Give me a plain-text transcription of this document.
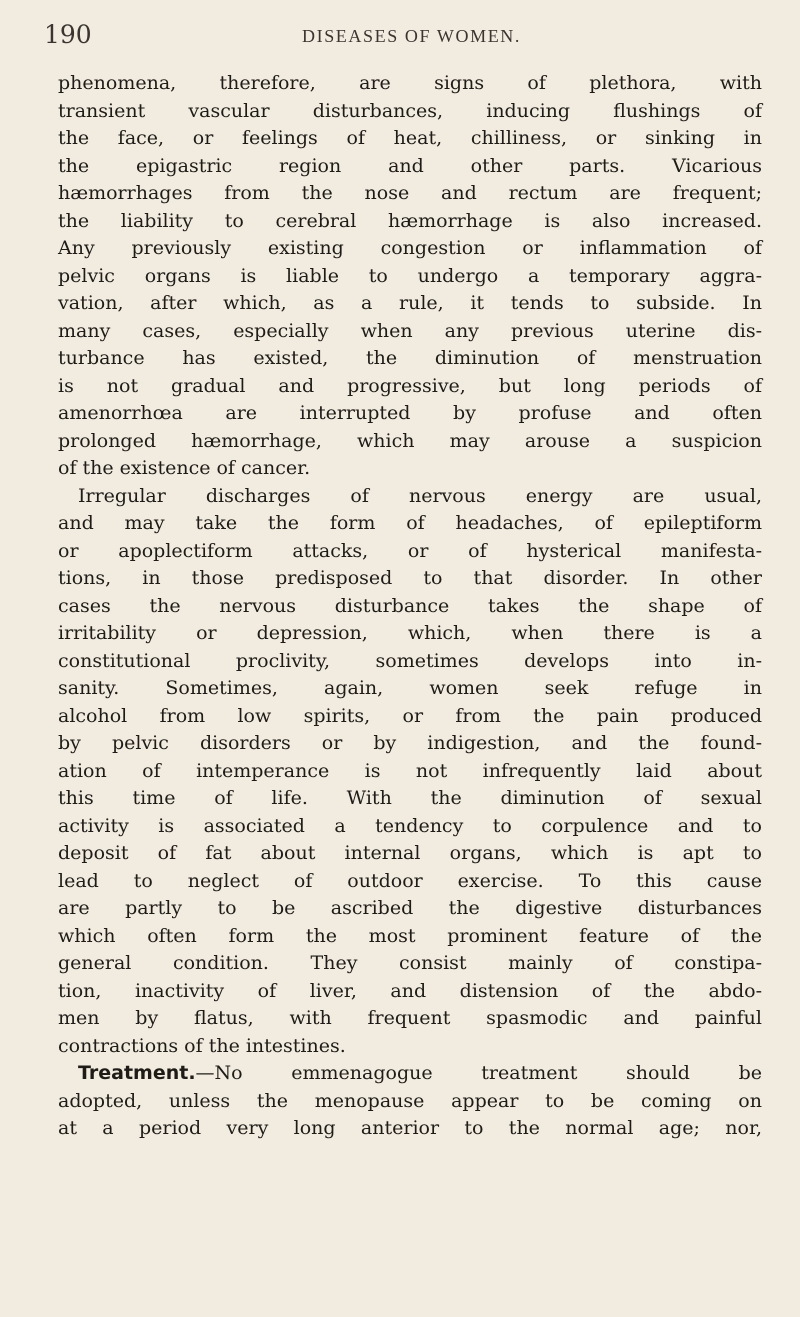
190	DISEASES OF WOMEN.
phenomena, therefore, are signs of plethora, with
transient vascular disturbances, inducing flushings of
the face, or feelings of heat, chilliness, or sinking in
the epigastric region and other parts. Vicarious
hæmorrhages from the nose and rectum are frequent;
the liability to cerebral hæmorrhage is also increased.
Any previously existing congestion or inflammation of
pelvic organs is liable to undergo a temporary aggra-
vation, after which, as a rule, it tends to subside. In
many cases, especially when any previous uterine dis-
turbance has existed, the diminution of menstruation
is not gradual and progressive, but long periods of
amenorrhœa are interrupted by profuse and often
prolonged hæmorrhage, which may arouse a suspicion
of the existence of cancer.
Irregular discharges of nervous energy are usual,
and may take the form of headaches, of epileptiform
or apoplectiform attacks, or of hysterical manifesta-
tions, in those predisposed to that disorder. In other
cases the nervous disturbance takes the shape of
irritability or depression, which, when there is a
constitutional proclivity, sometimes develops into in-
sanity. Sometimes, again, women seek refuge in
alcohol from low spirits, or from the pain produced
by pelvic disorders or by indigestion, and the found-
ation of intemperance is not infrequently laid about
this time of life. With the diminution of sexual
activity is associated a tendency to corpulence and to
deposit of fat about internal organs, which is apt to
lead to neglect of outdoor exercise. To this cause
are partly to be ascribed the digestive disturbances
which often form the most prominent feature of the
general condition. They consist mainly of constipa-
tion, inactivity of liver, and distension of the abdo-
men by flatus, with frequent spasmodic and painful
contractions of the intestines.
Treatment.—No emmenagogue treatment should be
adopted, unless the menopause appear to be coming on
at a period very long anterior to the normal age; nor,
